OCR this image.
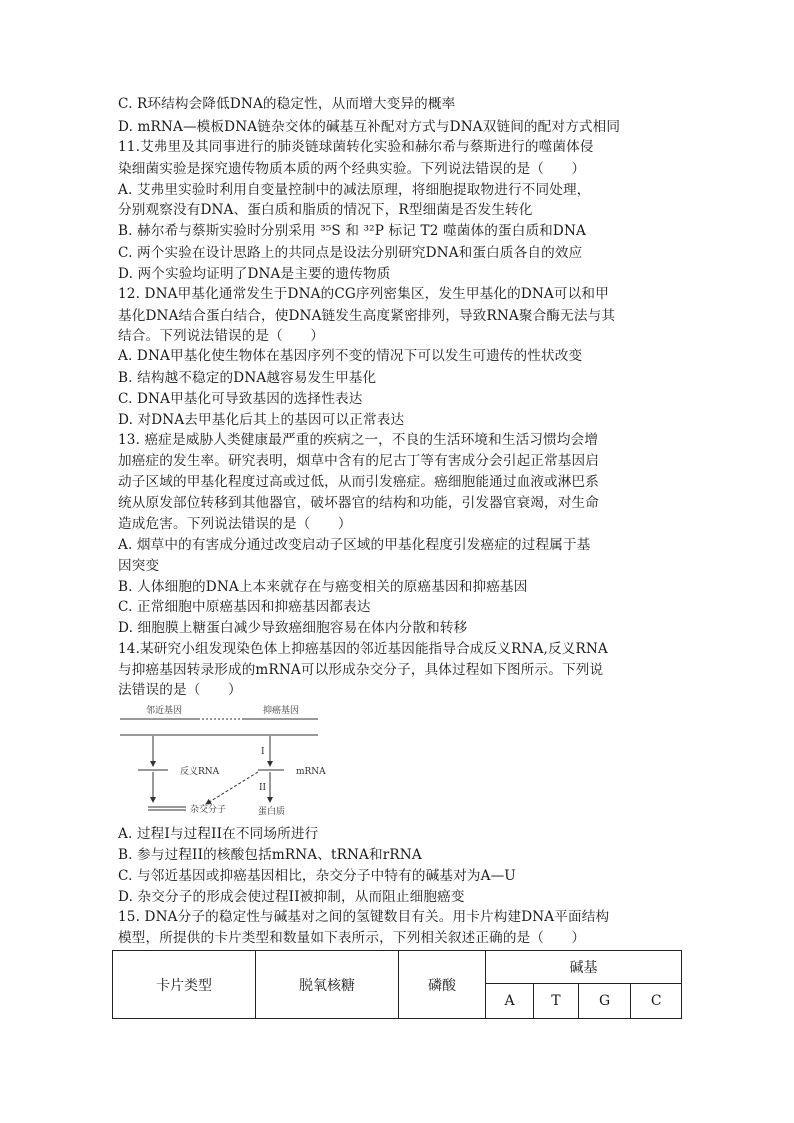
C. R环结构会降低DNA的稳定性，从而增大变异的概率
D. mRNA—模板DNA链杂交体的碱基互补配对方式与DNA双链间的配对方式相同
11.艾弗里及其同事进行的肺炎链球菌转化实验和赫尔希与蔡斯进行的噬菌体侵
染细菌实验是探究遗传物质本质的两个经典实验。下列说法错误的是（　　）
A. 艾弗里实验时利用自变量控制中的减法原理，将细胞提取物进行不同处理，
分别观察没有DNA、蛋白质和脂质的情况下，R型细菌是否发生转化
B. 赫尔希与蔡斯实验时分别采用 ³⁵S 和 ³²P 标记 T2 噬菌体的蛋白质和DNA
C. 两个实验在设计思路上的共同点是设法分别研究DNA和蛋白质各自的效应
D. 两个实验均证明了DNA是主要的遗传物质
12. DNA甲基化通常发生于DNA的CG序列密集区，发生甲基化的DNA可以和甲
基化DNA结合蛋白结合，使DNA链发生高度紧密排列，导致RNA聚合酶无法与其
结合。下列说法错误的是（　　）
A. DNA甲基化使生物体在基因序列不变的情况下可以发生可遗传的性状改变
B. 结构越不稳定的DNA越容易发生甲基化
C. DNA甲基化可导致基因的选择性表达
D. 对DNA去甲基化后其上的基因可以正常表达
13. 癌症是威胁人类健康最严重的疾病之一，不良的生活环境和生活习惯均会增
加癌症的发生率。研究表明，烟草中含有的尼古丁等有害成分会引起正常基因启
动子区域的甲基化程度过高或过低，从而引发癌症。癌细胞能通过血液或淋巴系
统从原发部位转移到其他器官，破坏器官的结构和功能，引发器官衰竭，对生命
造成危害。下列说法错误的是（　　）
A. 烟草中的有害成分通过改变启动子区域的甲基化程度引发癌症的过程属于基
因突变
B. 人体细胞的DNA上本来就存在与癌变相关的原癌基因和抑癌基因
C. 正常细胞中原癌基因和抑癌基因都表达
D. 细胞膜上糖蛋白减少导致癌细胞容易在体内分散和转移
14.某研究小组发现染色体上抑癌基因的邻近基因能指导合成反义RNA,反义RNA
与抑癌基因转录形成的mRNA可以形成杂交分子，具体过程如下图所示。下列说
法错误的是（　　）
邻近基因	抑癌基因
反义RNA
I
mRNA
杂交分子
II
蛋白质
A. 过程I与过程II在不同场所进行
B. 参与过程II的核酸包括mRNA、tRNA和rRNA
C. 与邻近基因或抑癌基因相比，杂交分子中特有的碱基对为A—U
D. 杂交分子的形成会使过程II被抑制，从而阻止细胞癌变
15. DNA分子的稳定性与碱基对之间的氢键数目有关。用卡片构建DNA平面结构
模型，所提供的卡片类型和数量如下表所示，下列相关叙述正确的是（　　）
卡片类型	脱氧核糖	磷酸	碱基			
			A	T	G	C
